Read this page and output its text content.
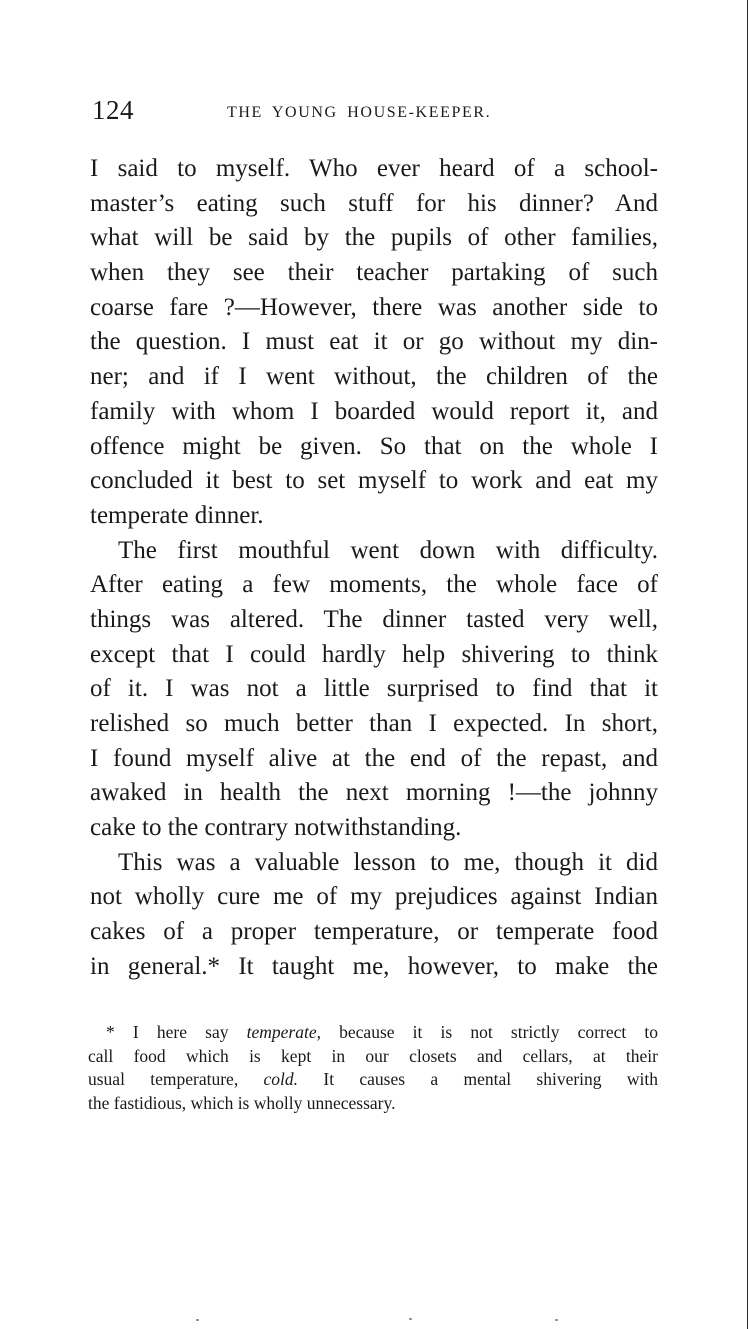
124	THE YOUNG HOUSE-KEEPER.
I said to myself. Who ever heard of a school-
master’s eating such stuff for his dinner? And
what will be said by the pupils of other families,
when they see their teacher partaking of such
coarse fare ?—However, there was another side to
the question. I must eat it or go without my din-
ner; and if I went without, the children of the
family with whom I boarded would report it, and
offence might be given. So that on the whole I
concluded it best to set myself to work and eat my
temperate dinner.
The first mouthful went down with difficulty.
After eating a few moments, the whole face of
things was altered. The dinner tasted very well,
except that I could hardly help shivering to think
of it. I was not a little surprised to find that it
relished so much better than I expected. In short,
I found myself alive at the end of the repast, and
awaked in health the next morning !—the johnny
cake to the contrary notwithstanding.
This was a valuable lesson to me, though it did
not wholly cure me of my prejudices against Indian
cakes of a proper temperature, or temperate food
in general.* It taught me, however, to make the
* I here say temperate, because it is not strictly correct to
call food which is kept in our closets and cellars, at their
usual temperature, cold. It causes a mental shivering with
the fastidious, which is wholly unnecessary.
